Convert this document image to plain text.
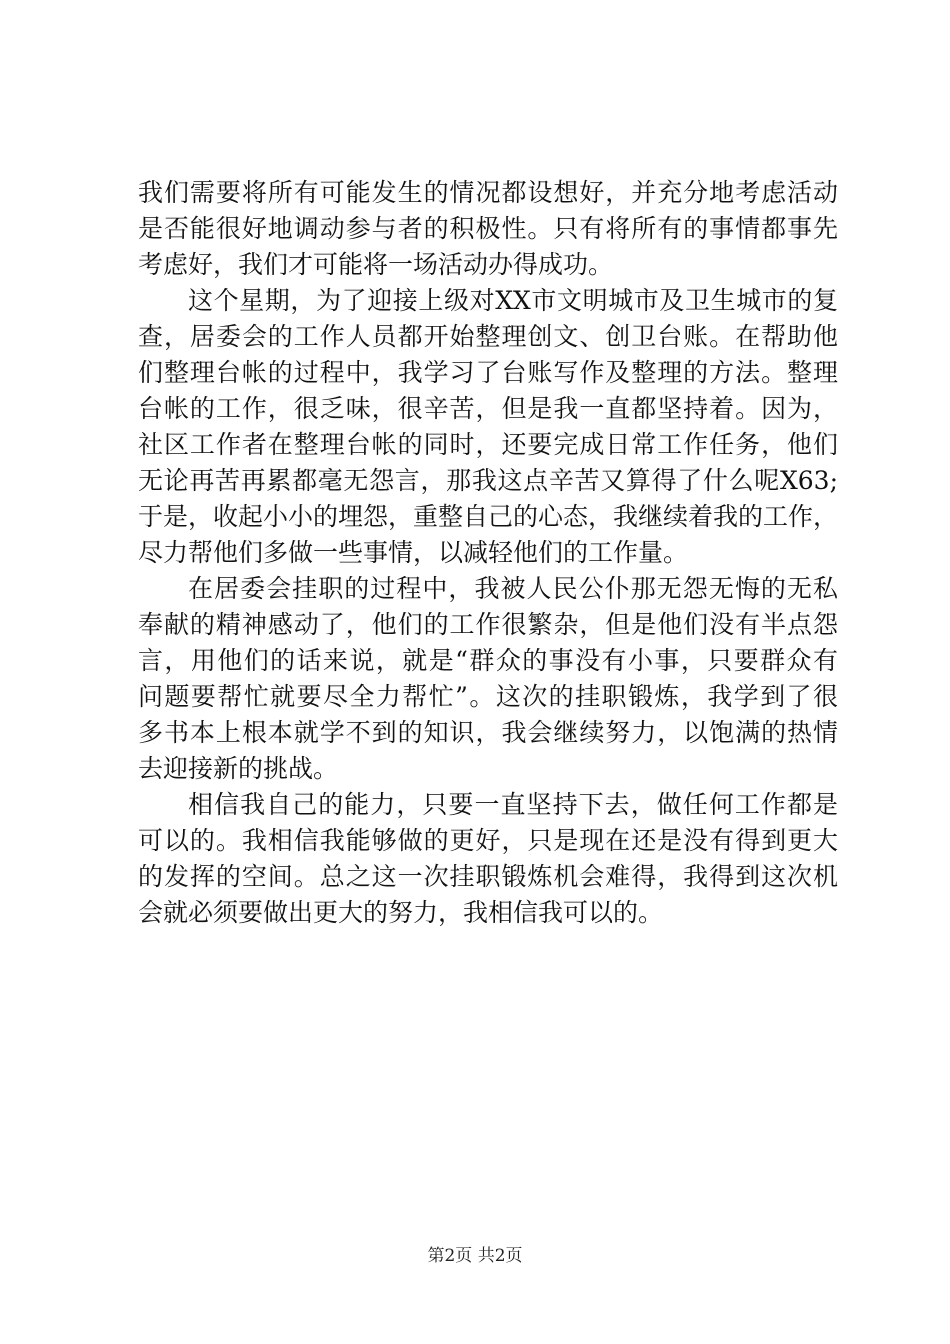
我们需要将所有可能发生的情况都设想好，并充分地考虑活动
是否能很好地调动参与者的积极性。只有将所有的事情都事先
考虑好，我们才可能将一场活动办得成功。
这个星期，为了迎接上级对XX市文明城市及卫生城市的复
查，居委会的工作人员都开始整理创文、创卫台账。在帮助他
们整理台帐的过程中，我学习了台账写作及整理的方法。整理
台帐的工作，很乏味，很辛苦，但是我一直都坚持着。因为，
社区工作者在整理台帐的同时，还要完成日常工作任务，他们
无论再苦再累都毫无怨言，那我这点辛苦又算得了什么呢X63;
于是，收起小小的埋怨，重整自己的心态，我继续着我的工作，
尽力帮他们多做一些事情，以减轻他们的工作量。
在居委会挂职的过程中，我被人民公仆那无怨无悔的无私
奉献的精神感动了，他们的工作很繁杂，但是他们没有半点怨
言，用他们的话来说，就是“群众的事没有小事，只要群众有
问题要帮忙就要尽全力帮忙”。这次的挂职锻炼，我学到了很
多书本上根本就学不到的知识，我会继续努力，以饱满的热情
去迎接新的挑战。
相信我自己的能力，只要一直坚持下去，做任何工作都是
可以的。我相信我能够做的更好，只是现在还是没有得到更大
的发挥的空间。总之这一次挂职锻炼机会难得，我得到这次机
会就必须要做出更大的努力，我相信我可以的。
第2页 共2页
